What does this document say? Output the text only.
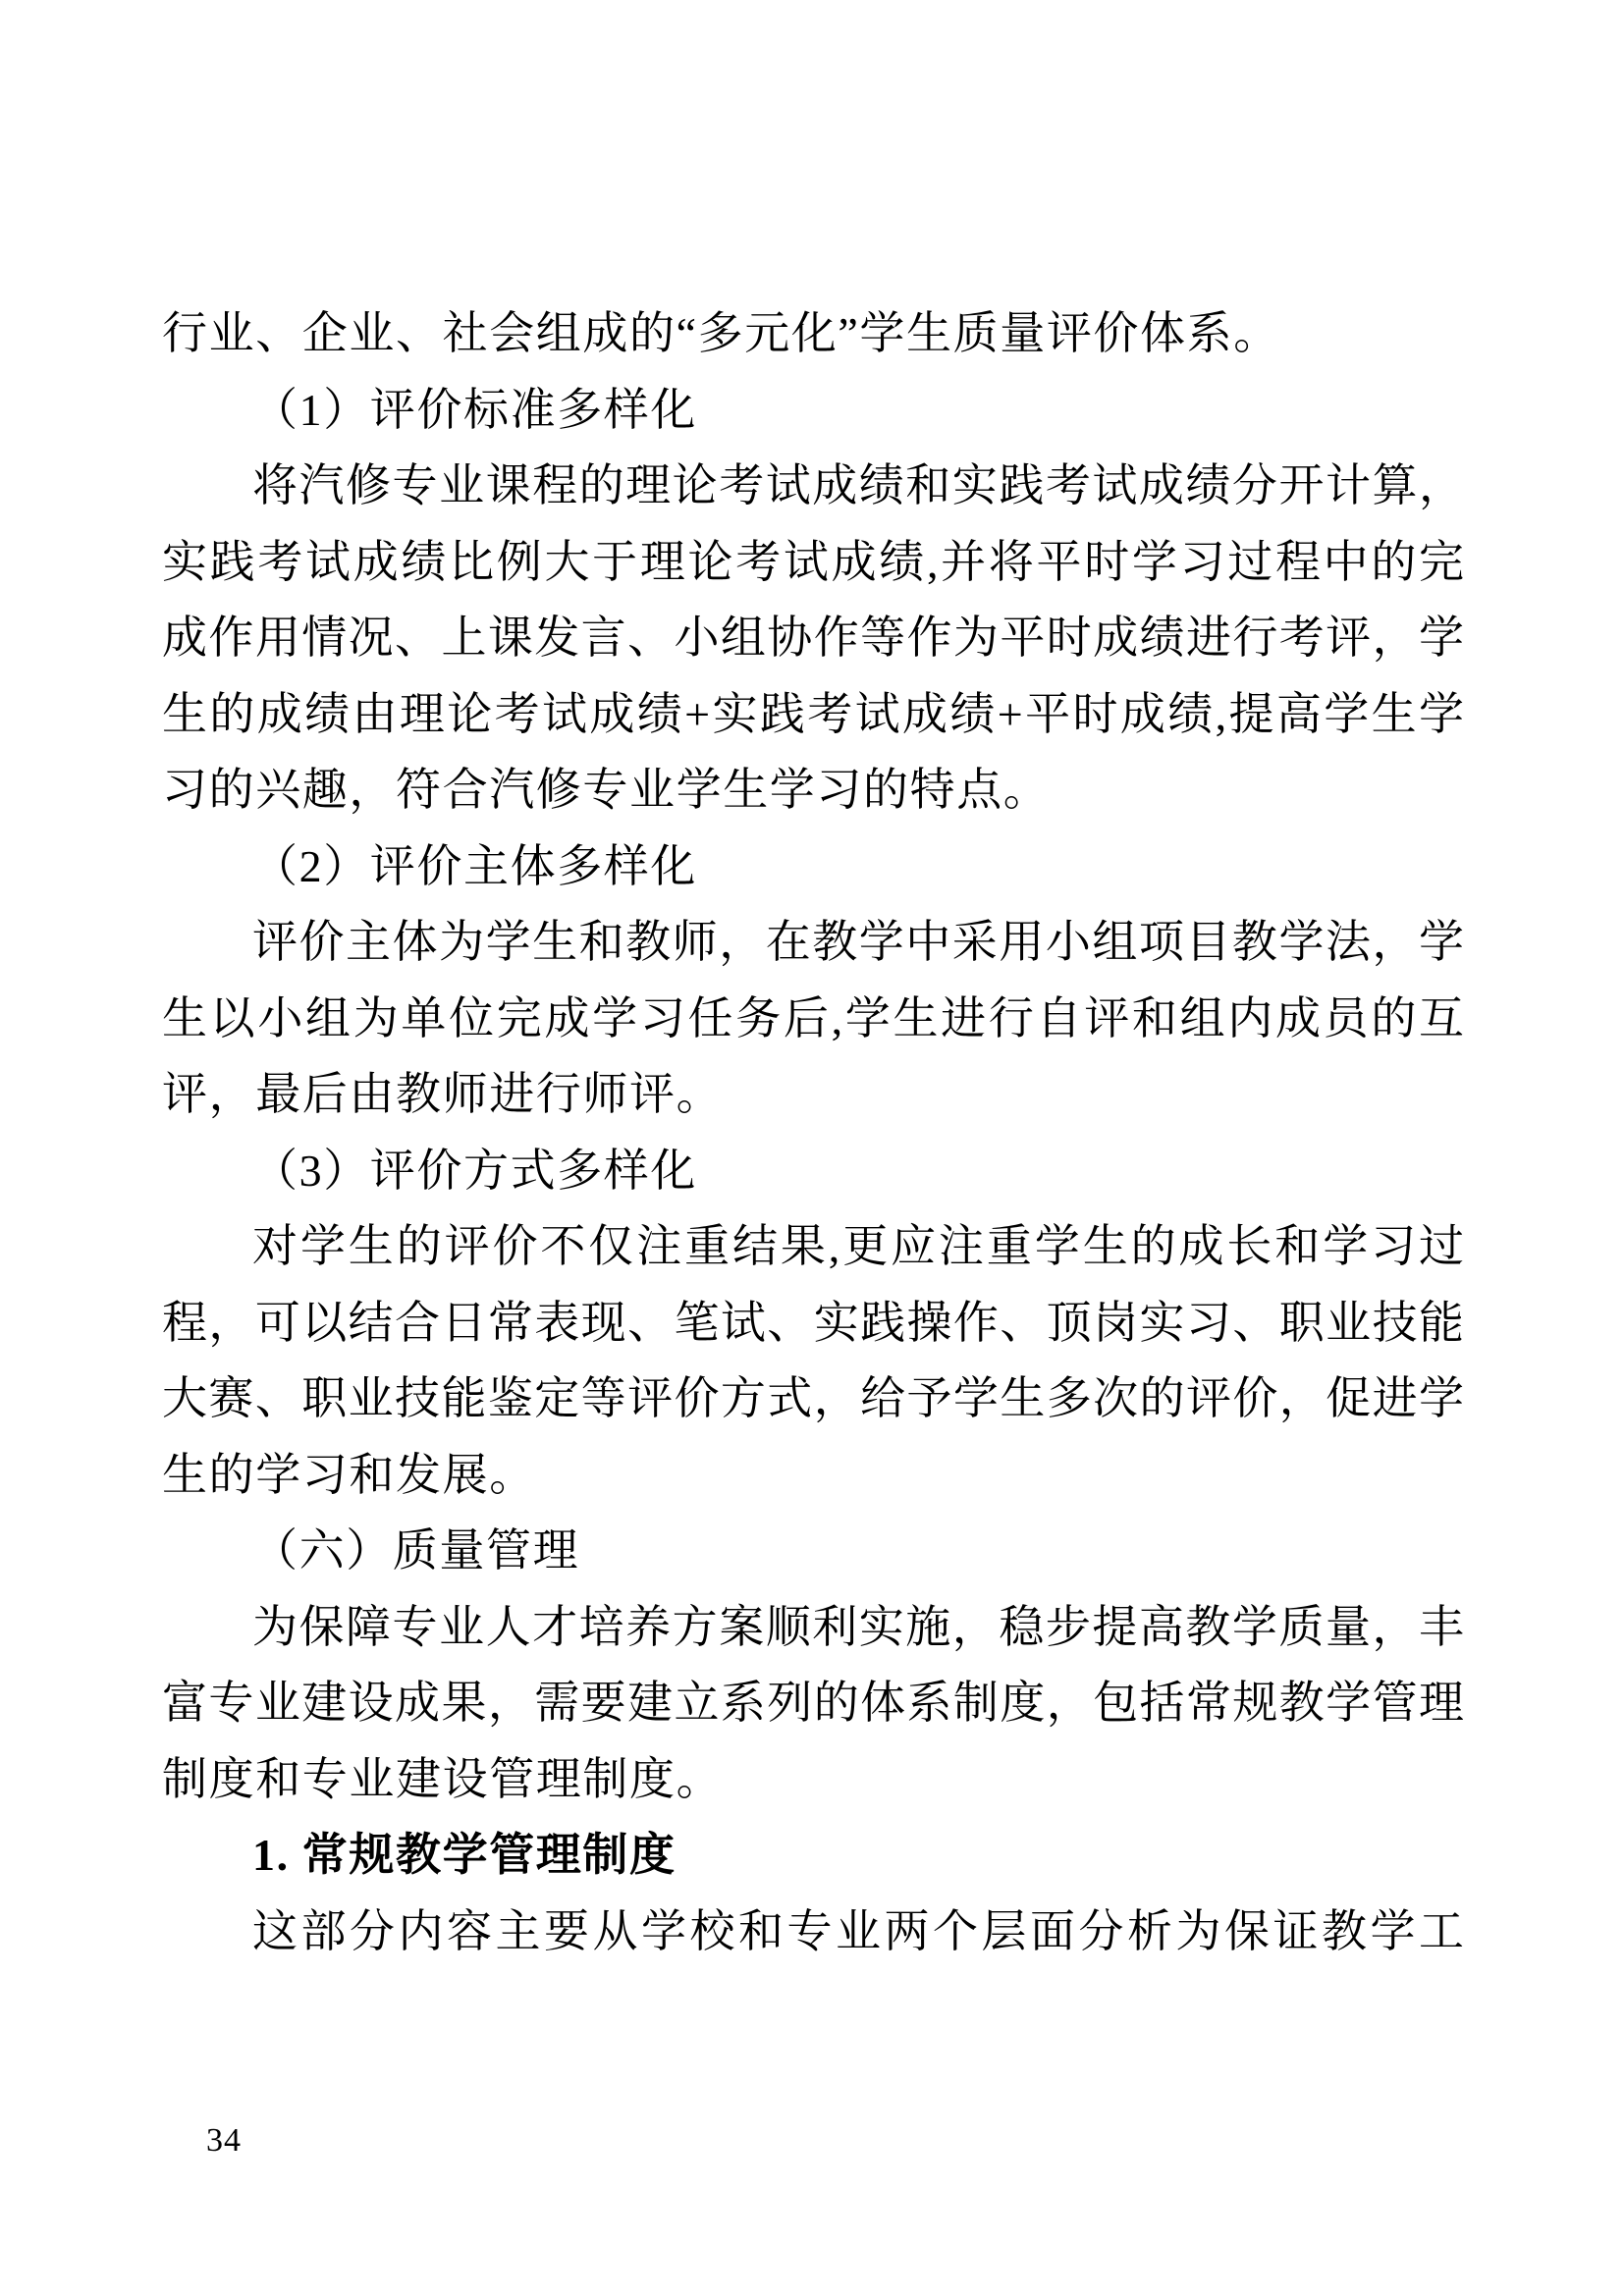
行业、企业、社会组成的“多元化”学生质量评价体系。
（1）评价标准多样化
将汽修专业课程的理论考试成绩和实践考试成绩分开计算，
实践考试成绩比例大于理论考试成绩,并将平时学习过程中的完
成作用情况、上课发言、小组协作等作为平时成绩进行考评，学
生的成绩由理论考试成绩+实践考试成绩+平时成绩,提高学生学
习的兴趣，符合汽修专业学生学习的特点。
（2）评价主体多样化
评价主体为学生和教师，在教学中采用小组项目教学法，学
生以小组为单位完成学习任务后,学生进行自评和组内成员的互
评，最后由教师进行师评。
（3）评价方式多样化
对学生的评价不仅注重结果,更应注重学生的成长和学习过
程，可以结合日常表现、笔试、实践操作、顶岗实习、职业技能
大赛、职业技能鉴定等评价方式，给予学生多次的评价，促进学
生的学习和发展。
（六）质量管理
为保障专业人才培养方案顺利实施，稳步提高教学质量，丰
富专业建设成果，需要建立系列的体系制度，包括常规教学管理
制度和专业建设管理制度。
1. 常规教学管理制度
这部分内容主要从学校和专业两个层面分析为保证教学工
34
